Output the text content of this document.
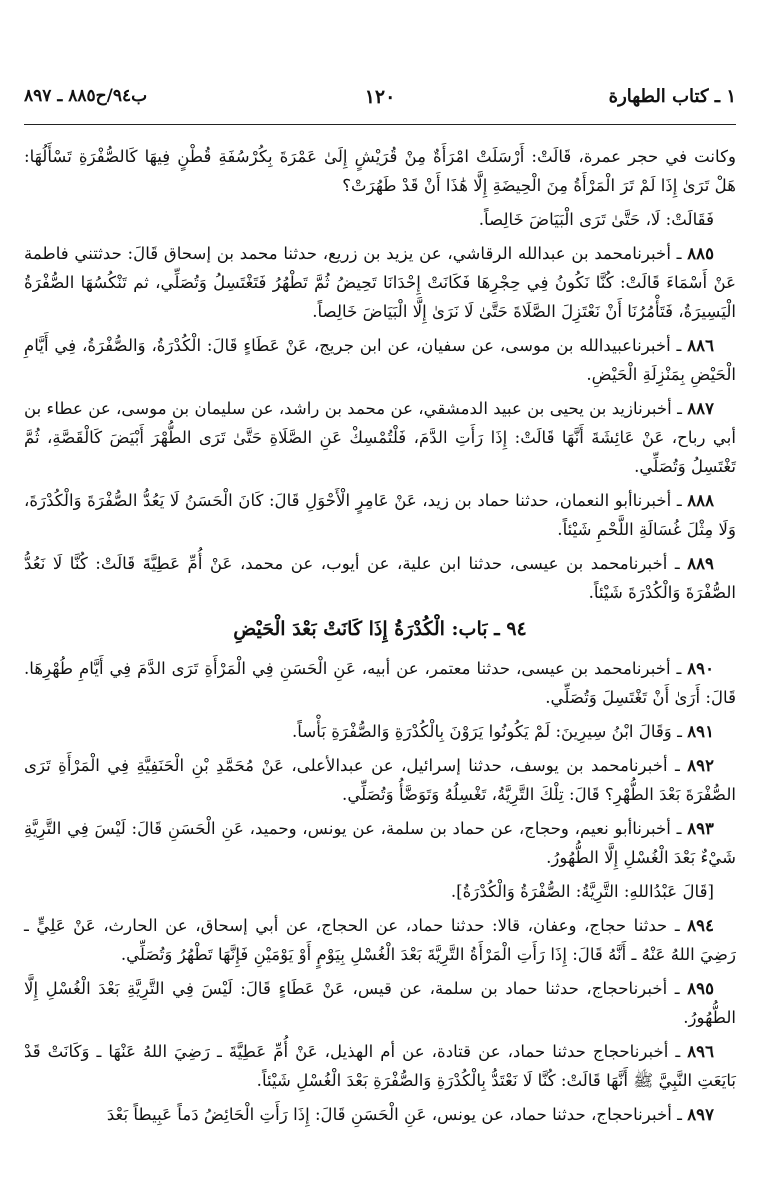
١ ـ كتاب الطهارة
١٢٠
ب٩٤/ح٨٨٥ ـ ٨٩٧

وكانت في حجر عمرة، قَالَتْ: أَرْسَلَتْ امْرَأَةٌ مِنْ قُرَيْشٍ إِلَىٰ عَمْرَةَ بِكُرْسُفَةِ قُطْنٍ فِيهَا كَالصُّفْرَةِ تَسْأَلُهَا: هَلْ تَرَىٰ إِذَا لَمْ تَرَ الْمَرْأَةُ مِنَ الْحِيضَةِ إِلَّا هَٰذَا أَنْ قَدْ طَهُرَتْ؟

فَقَالَتْ: لَا، حَتَّىٰ تَرَى الْبَيَاضَ خَالِصاً.

٨٨٥ ـ أخبرنامحمد بن عبدالله الرقاشي، عن يزيد بن زريع، حدثنا محمد بن إسحاق قَالَ: حدثتني فاطمة عَنْ أَسْمَاءَ قَالَتْ: كُنَّا نَكُونُ فِي حِجْرِهَا فَكَانَتْ إِحْدَانَا تَحِيضُ ثُمَّ تَطْهُرُ فَتَغْتَسِلُ وَتُصَلِّي، ثم تَنْكُسُهَا الصُّفْرَةُ الْيَسِيرَةُ، فَتَأْمُرُنَا أَنْ نَعْتَزِلَ الصَّلَاةَ حَتَّىٰ لَا نَرَىٰ إِلَّا الْبَيَاضَ خَالِصاً.

٨٨٦ ـ أخبرناعبيدالله بن موسى، عن سفيان، عن ابن جريج، عَنْ عَطَاءٍ قَالَ: الْكُدْرَةُ، وَالصُّفْرَةُ، فِي أَيَّامِ الْحَيْضِ بِمَنْزِلَةِ الْحَيْضِ.

٨٨٧ ـ أخبرنازيد بن يحيى بن عبيد الدمشقي، عن محمد بن راشد، عن سليمان بن موسى، عن عطاء بن أبي رباح، عَنْ عَائِشَةَ أَنَّهَا قَالَتْ: إِذَا رَأَتِ الدَّمَ، فَلْتُمْسِكْ عَنِ الصَّلَاةِ حَتَّىٰ تَرَى الطُّهْرَ أَبْيَضَ كَالْقَصَّةِ، ثُمَّ تَغْتَسِلُ وَتُصَلِّي.

٨٨٨ ـ أخبرناأبو النعمان، حدثنا حماد بن زيد، عَنْ عَامِرٍ الْأَحْوَلِ قَالَ: كَانَ الْحَسَنُ لَا يَعُدُّ الصُّفْرَةَ وَالْكُدْرَةَ، وَلَا مِثْلَ غُسَالَةِ اللَّحْمِ شَيْئاً.

٨٨٩ ـ أخبرنامحمد بن عيسى، حدثنا ابن علية، عن أيوب، عن محمد، عَنْ أُمِّ عَطِيَّةَ قَالَتْ: كُنَّا لَا نَعُدُّ الصُّفْرَةَ وَالْكُدْرَةَ شَيْئاً.

٩٤ ـ بَاب: الْكُدْرَةُ إِذَا كَانَتْ بَعْدَ الْحَيْضِ

٨٩٠ ـ أخبرنامحمد بن عيسى، حدثنا معتمر، عن أبيه، عَنِ الْحَسَنِ فِي الْمَرْأَةِ تَرَى الدَّمَ فِي أَيَّامِ طُهْرِهَا. قَالَ: أَرَىٰ أَنْ تَغْتَسِلَ وَتُصَلِّي.

٨٩١ ـ وَقَالَ ابْنُ سِيرِينَ: لَمْ يَكُونُوا يَرَوْنَ بِالْكُدْرَةِ وَالصُّفْرَةِ بَأْساً.

٨٩٢ ـ أخبرنامحمد بن يوسف، حدثنا إسرائيل، عن عبدالأعلى، عَنْ مُحَمَّدِ بْنِ الْحَنَفِيَّةِ فِي الْمَرْأَةِ تَرَى الصُّفْرَةَ بَعْدَ الطُّهْرِ؟ قَالَ: تِلْكَ التَّرِيَّةُ، تَغْسِلُهُ وَتَوَضَّأُ وَتُصَلِّي.

٨٩٣ ـ أخبرناأبو نعيم، وحجاج، عن حماد بن سلمة، عن يونس، وحميد، عَنِ الْحَسَنِ قَالَ: لَيْسَ فِي التَّرِيَّةِ شَيْءٌ بَعْدَ الْغُسْلِ إِلَّا الطُّهُورُ.

[قَالَ عَبْدُاللهِ: التَّرِيَّةُ: الصُّفْرَةُ وَالْكُدْرَةُ].

٨٩٤ ـ حدثنا حجاج، وعفان، قالا: حدثنا حماد، عن الحجاج، عن أبي إسحاق، عن الحارث، عَنْ عَلِيٍّ ـ رَضِيَ اللهُ عَنْهُ ـ أَنَّهُ قَالَ: إِذَا رَأَتِ الْمَرْأَةُ التَّرِيَّةَ بَعْدَ الْغُسْلِ بِيَوْمٍ أَوْ يَوْمَيْنِ فَإِنَّهَا تَطْهُرُ وَتُصَلِّي.

٨٩٥ ـ أخبرناحجاج، حدثنا حماد بن سلمة، عن قيس، عَنْ عَطَاءٍ قَالَ: لَيْسَ فِي التَّرِيَّةِ بَعْدَ الْغُسْلِ إِلَّا الطُّهُورُ.

٨٩٦ ـ أخبرناحجاج حدثنا حماد، عن قتادة، عن أم الهذيل، عَنْ أُمِّ عَطِيَّةَ ـ رَضِيَ اللهُ عَنْهَا ـ وَكَانَتْ قَدْ بَايَعَتِ النَّبِيَّ ﷺ أَنَّهَا قَالَتْ: كُنَّا لَا نَعْتَدُّ بِالْكُدْرَةِ وَالصُّفْرَةِ بَعْدَ الْغُسْلِ شَيْئاً.

٨٩٧ ـ أخبرناحجاج، حدثنا حماد، عن يونس، عَنِ الْحَسَنِ قَالَ: إِذَا رَأَتِ الْحَائِضُ دَماً عَبِيطاً بَعْدَ
